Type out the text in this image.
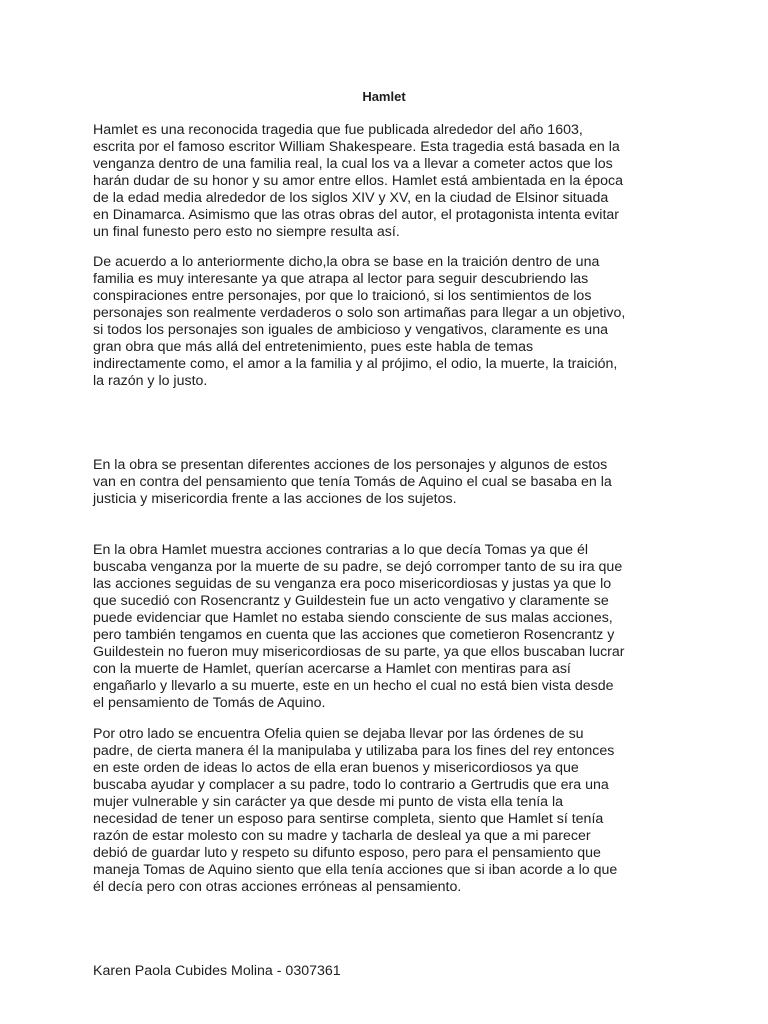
Hamlet

Hamlet es una reconocida tragedia que fue publicada alrededor del año 1603,
escrita por el famoso escritor William Shakespeare. Esta tragedia está basada en la
venganza dentro de una familia real, la cual los va a llevar a cometer actos que los
harán dudar de su honor y su amor entre ellos. Hamlet está ambientada en la época
de la edad media alrededor de los siglos XIV y XV, en la ciudad de Elsinor situada
en Dinamarca. Asimismo que las otras obras del autor, el protagonista intenta evitar
un final funesto pero esto no siempre resulta así.

De acuerdo a lo anteriormente dicho,la obra se base en la traición dentro de una
familia es muy interesante ya que atrapa al lector para seguir descubriendo las
conspiraciones entre personajes, por que lo traicionó, si los sentimientos de los
personajes son realmente verdaderos o solo son artimañas para llegar a un objetivo,
si todos los personajes son iguales de ambicioso y vengativos, claramente es una
gran obra que más allá del entretenimiento, pues este habla de temas
indirectamente como, el amor a la familia y al prójimo, el odio, la muerte, la traición,
la razón y lo justo.

En la obra se presentan diferentes acciones de los personajes y algunos de estos
van en contra del pensamiento que tenía Tomás de Aquino el cual se basaba en la
justicia y misericordia frente a las acciones de los sujetos.

En la obra Hamlet muestra acciones contrarias a lo que decía Tomas ya que él
buscaba venganza por la muerte de su padre, se dejó corromper tanto de su ira que
las acciones seguidas de su venganza era poco misericordiosas y justas ya que lo
que sucedió con Rosencrantz y Guildestein fue un acto vengativo y claramente se
puede evidenciar que Hamlet no estaba siendo consciente de sus malas acciones,
pero también tengamos en cuenta que las acciones que cometieron Rosencrantz y
Guildestein no fueron muy misericordiosas de su parte, ya que ellos buscaban lucrar
con la muerte de Hamlet, querían acercarse a Hamlet con mentiras para así
engañarlo y llevarlo a su muerte, este en un hecho el cual no está bien vista desde
el pensamiento de Tomás de Aquino.

Por otro lado se encuentra Ofelia quien se dejaba llevar por las órdenes de su
padre, de cierta manera él la manipulaba y utilizaba para los fines del rey entonces
en este orden de ideas lo actos de ella eran buenos y misericordiosos ya que
buscaba ayudar y complacer a su padre, todo lo contrario a Gertrudis que era una
mujer vulnerable y sin carácter ya que desde mi punto de vista ella tenía la
necesidad de tener un esposo para sentirse completa, siento que Hamlet sí tenía
razón de estar molesto con su madre y tacharla de desleal ya que a mi parecer
debió de guardar luto y respeto su difunto esposo, pero para el pensamiento que
maneja Tomas de Aquino siento que ella tenía acciones que si iban acorde a lo que
él decía pero con otras acciones erróneas al pensamiento.

Karen Paola Cubides Molina - 0307361
